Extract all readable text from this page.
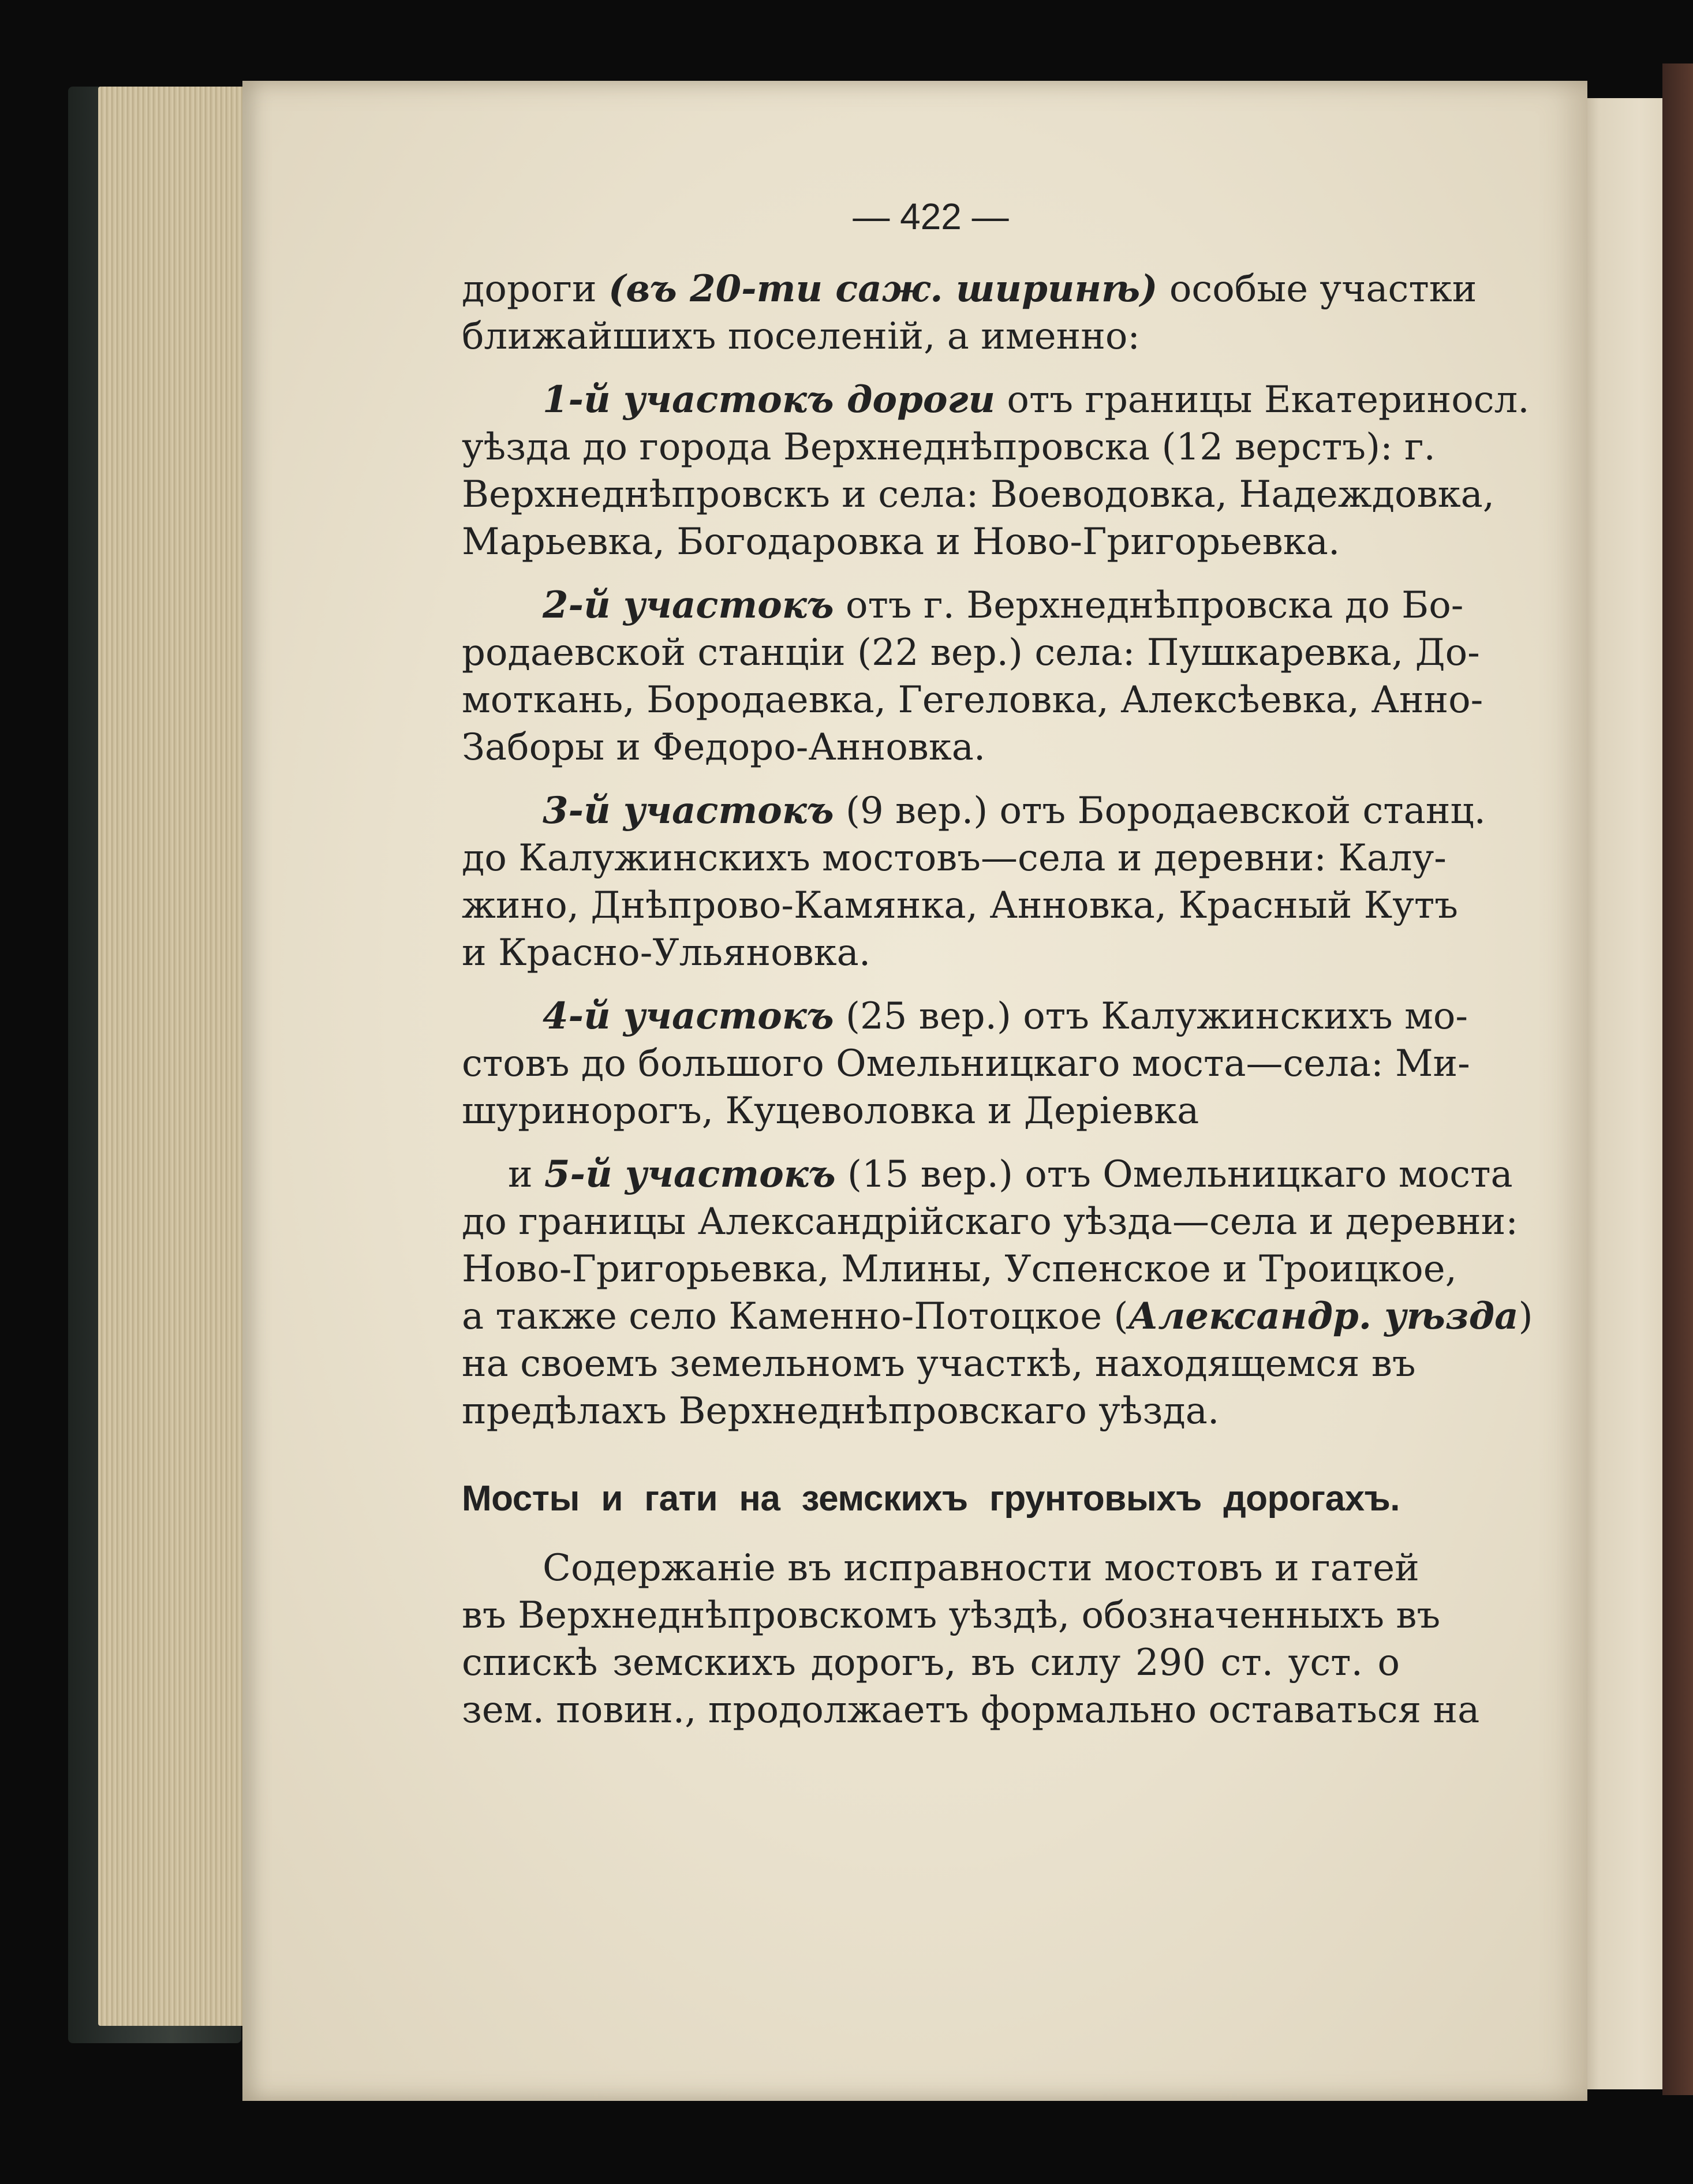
— 422 —
дороги (въ 20-ти саж. ширинѣ) особые участки
ближайшихъ поселеній, а именно:
1-й участокъ дороги отъ границы Екатериносл.
уѣзда до города Верхнеднѣпровска (12 верстъ): г.
Верхнеднѣпровскъ и села: Воеводовка, Надеждовка,
Марьевка, Богодаровка и Ново-Григорьевка.
2-й участокъ отъ г. Верхнеднѣпровска до Бо-
родаевской станціи (22 вер.) села: Пушкаревка, До-
моткань, Бородаевка, Гегеловка, Алексѣевка, Анно-
Заборы и Федоро-Анновка.
3-й участокъ (9 вер.) отъ Бородаевской станц.
до Калужинскихъ мостовъ—села и деревни: Калу-
жино, Днѣпрово-Камянка, Анновка, Красный Кутъ
и Красно-Ульяновка.
4-й участокъ (25 вер.) отъ Калужинскихъ мо-
стовъ до большого Омельницкаго моста—села: Ми-
шуринорогъ, Куцеволовка и Деріевка
и 5-й участокъ (15 вер.) отъ Омельницкаго моста
до границы Александрійскаго уѣзда—села и деревни:
Ново-Григорьевка, Млины, Успенское и Троицкое,
а также село Каменно-Потоцкое (Александр. уѣзда)
на своемъ земельномъ участкѣ, находящемся въ
предѣлахъ Верхнеднѣпровскаго уѣзда.
Мосты и гати на земскихъ грунтовыхъ дорогахъ.
Содержаніе въ исправности мостовъ и гатей
въ Верхнеднѣпровскомъ уѣздѣ, обозначенныхъ въ
спискѣ земскихъ дорогъ, въ силу 290 ст. уст. о
зем. повин., продолжаетъ формально оставаться на
